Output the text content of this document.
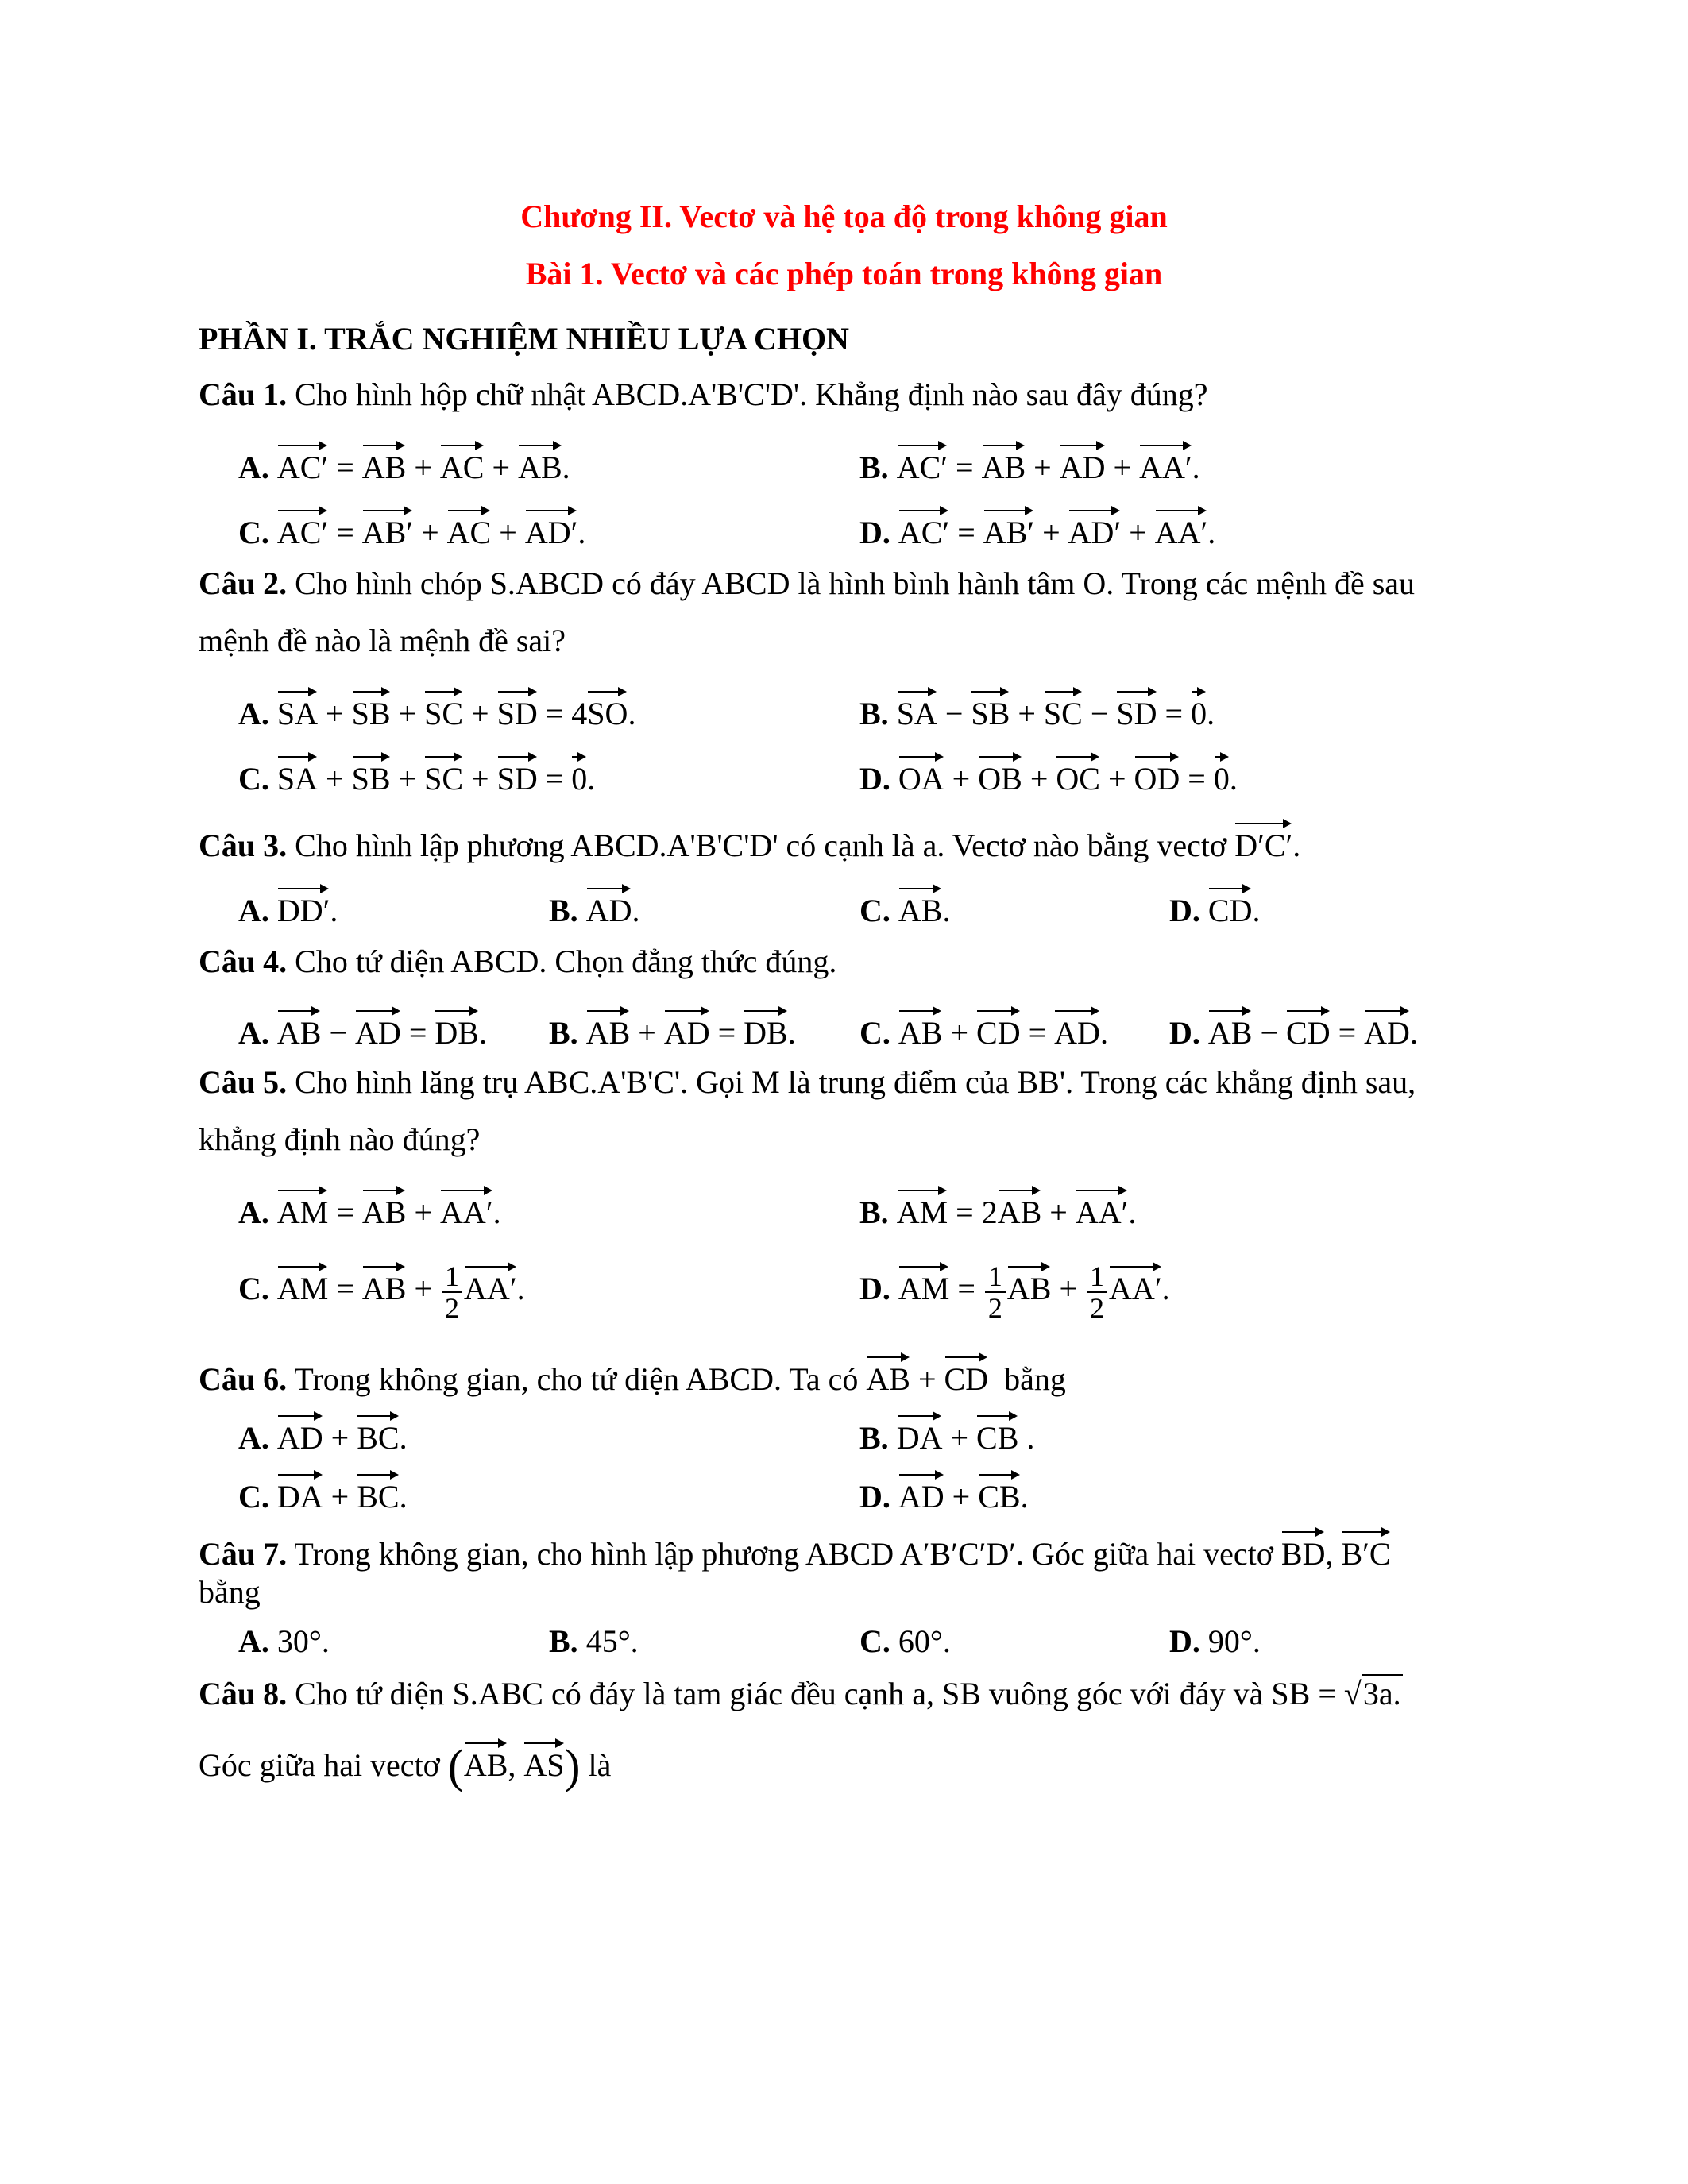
Chương II. Vectơ và hệ tọa độ trong không gian
Bài 1. Vectơ và các phép toán trong không gian
PHẦN I. TRẮC NGHIỆM NHIỀU LỰA CHỌN
Câu 1. Cho hình hộp chữ nhật ABCD.A'B'C'D'. Khẳng định nào sau đây đúng?
A. AC′ = AB + AC + AB.	B. AC′ = AB + AD + AA′.
C. AC′ = AB′ + AC + AD′.	D. AC′ = AB′ + AD′ + AA′.
Câu 2. Cho hình chóp S.ABCD có đáy ABCD là hình bình hành tâm O. Trong các mệnh đề sau
mệnh đề nào là mệnh đề sai?
A. SA + SB + SC + SD = 4SO.	B. SA − SB + SC − SD = 0.
C. SA + SB + SC + SD = 0.	D. OA + OB + OC + OD = 0.
Câu 3. Cho hình lập phương ABCD.A'B'C'D' có cạnh là a. Vectơ nào bằng vectơ D′C′.
A. DD′.	B. AD.	C. AB.	D. CD.
Câu 4. Cho tứ diện ABCD. Chọn đẳng thức đúng.
A. AB − AD = DB. B. AB + AD = DB. C. AB + CD = AD. D. AB − CD = AD.
Câu 5. Cho hình lăng trụ ABC.A'B'C'. Gọi M là trung điểm của BB'. Trong các khẳng định sau,
khẳng định nào đúng?
A. AM = AB + AA′.	B. AM = 2AB + AA′.
C. AM = AB + $\frac{1}{2} AA'$.	D. AM = $\frac{1}{2}$ AB + $\frac{1}{2} AA'$.
Câu 6. Trong không gian, cho tứ diện ABCD. Ta có AB + CD bằng
A. AD + BC.	B. DA + CB .
C. DA + BC.	D. AD + CB.
Câu 7. Trong không gian, cho hình lập phương ABCD A′B′C′D′. Góc giữa hai vectơ BD, B′C
bằng
A. 30°.	B. 45°.	C. 60°.	D. 90°.
Câu 8. Cho tứ diện S.ABC có đáy là tam giác đều cạnh a, SB vuông góc với đáy và SB = √3a.
Góc giữa hai vectơ (AB, AS) là
